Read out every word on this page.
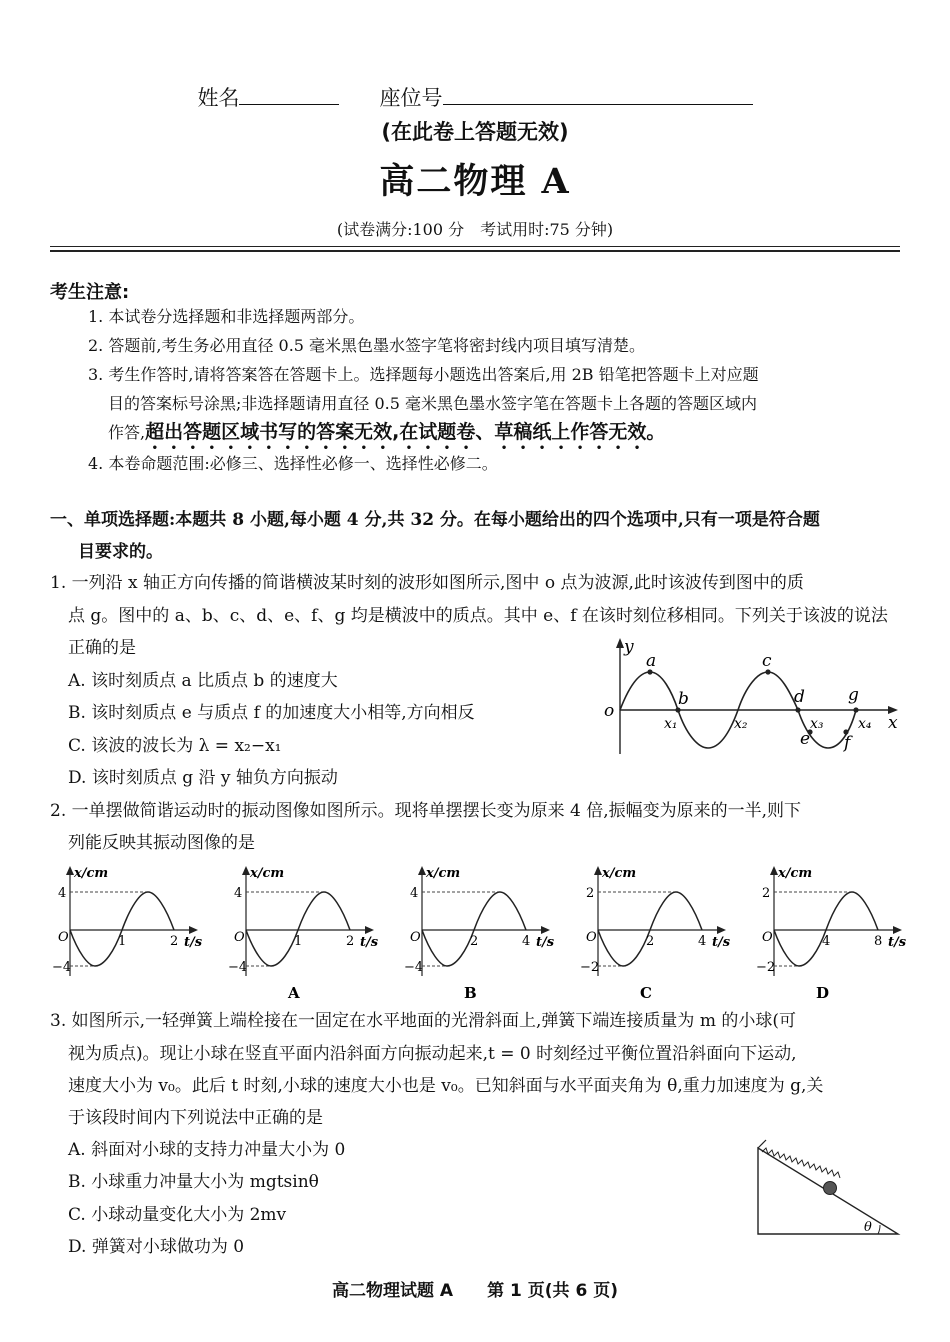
姓名	座位号
(在此卷上答题无效)
高二物理 A
(试卷满分:100 分　考试用时:75 分钟)
考生注意:
1. 本试卷分选择题和非选择题两部分。
2. 答题前,考生务必用直径 0.5 毫米黑色墨水签字笔将密封线内项目填写清楚。
3. 考生作答时,请将答案答在答题卡上。选择题每小题选出答案后,用 2B 铅笔把答题卡上对应题
目的答案标号涂黑;非选择题请用直径 0.5 毫米黑色墨水签字笔在答题卡上各题的答题区域内
作答,超出答题区域书写的答案无效,在试题卷、草稿纸上作答无效。
4. 本卷命题范围:必修三、选择性必修一、选择性必修二。
一、单项选择题:本题共 8 小题,每小题 4 分,共 32 分。在每小题给出的四个选项中,只有一项是符合题
目要求的。
1. 一列沿 x 轴正方向传播的简谐横波某时刻的波形如图所示,图中 o 点为波源,此时该波传到图中的质
点 g。图中的 a、b、c、d、e、f、g 均是横波中的质点。其中 e、f 在该时刻位移相同。下列关于该波的说法
正确的是
A. 该时刻质点 a 比质点 b 的速度大
B. 该时刻质点 e 与质点 f 的加速度大小相等,方向相反
C. 该波的波长为 λ = x₂−x₁
D. 该时刻质点 g 沿 y 轴负方向振动
y
o
x
a
b
c
d
e f
g
x₁	x₂	x₃ x₄
2. 一单摆做简谐运动时的振动图像如图所示。现将单摆摆长变为原来 4 倍,振幅变为原来的一半,则下
列能反映其振动图像的是
x/cm
4
−4
O	1	2 t/s
x/cm
4
−4
O	1	2 t/s
A
x/cm
4
−4
O	2	4 t/s
B
x/cm
2
−2
O	2	4 t/s
C
x/cm
2
−2
O	4	8 t/s
D
3. 如图所示,一轻弹簧上端栓接在一固定在水平地面的光滑斜面上,弹簧下端连接质量为 m 的小球(可
视为质点)。现让小球在竖直平面内沿斜面方向振动起来,t = 0 时刻经过平衡位置沿斜面向下运动,
速度大小为 v₀。此后 t 时刻,小球的速度大小也是 v₀。已知斜面与水平面夹角为 θ,重力加速度为 g,关
于该段时间内下列说法中正确的是
A. 斜面对小球的支持力冲量大小为 0
B. 小球重力冲量大小为 mgtsinθ
C. 小球动量变化大小为 2mv
D. 弹簧对小球做功为 0
θ
高二物理试题 A　　第 1 页(共 6 页)
